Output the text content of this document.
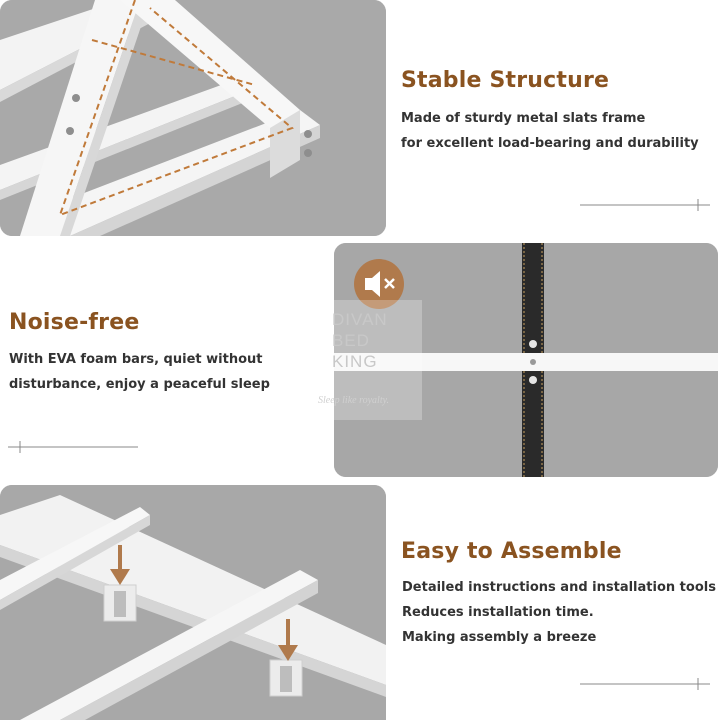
Stable Structure
Made of sturdy metal slats frame
for excellent load-bearing and durability
Noise-free
With EVA foam bars, quiet without
disturbance, enjoy a peaceful sleep
DIVAN
BED
KING
Sleep like royalty.
Easy to Assemble
Detailed instructions and installation tools
Reduces installation time.
Making assembly a breeze
